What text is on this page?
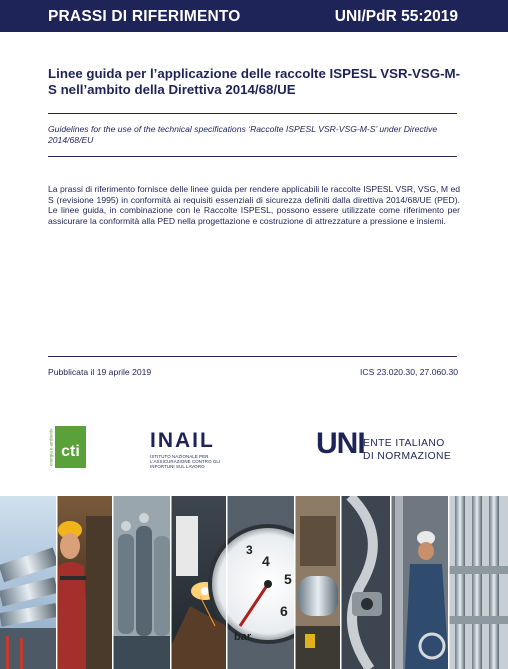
PRASSI DI RIFERIMENTO	UNI/PdR 55:2019
Linee guida per l’applicazione delle raccolte ISPESL VSR-VSG-M-S nell’ambito della Direttiva 2014/68/UE
Guidelines for the use of the technical specifications ‘Raccolte ISPESL VSR-VSG-M-S’ under Directive 2014/68/EU
La prassi di riferimento fornisce delle linee guida per rendere applicabili le raccolte ISPESL VSR, VSG, M ed S (revisione 1995) in conformità ai requisiti essenziali di sicurezza definiti dalla direttiva 2014/68/UE (PED). Le linee guida, in combinazione con le Raccolte ISPESL, possono essere utilizzate come riferimento per assicurare la conformità alla PED nella progettazione e costruzione di attrezzature a pressione e insiemi.
Pubblicata il 19 aprile 2019	ICS 23.020.30, 27.060.30
energia e ambiente cti	INAIL
ISTITUTO NAZIONALE PER L'ASSICURAZIONE CONTRO GLI INFORTUNI SUL LAVORO
UNI
ENTE ITALIANO
DI NORMAZIONE
4
5
6
3
bar
